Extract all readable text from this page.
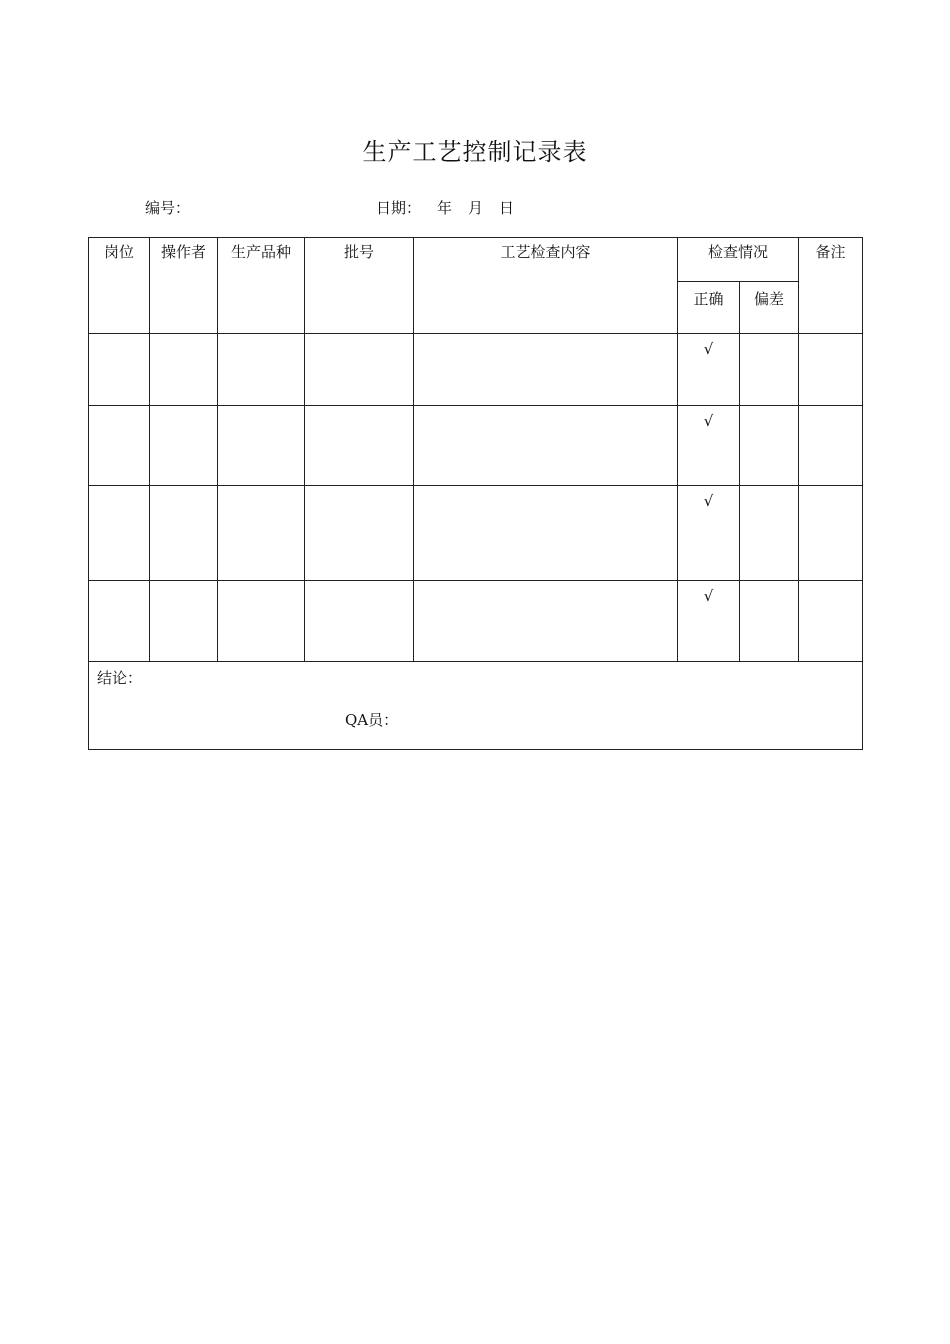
生产工艺控制记录表
编号：	日期： 年 月 日
岗位	操作者	生产品种	批号	工艺检查内容	检查情况		备注
					正确	偏差	
					√		
					√		
					√		
					√		
结论：
QA员：							
